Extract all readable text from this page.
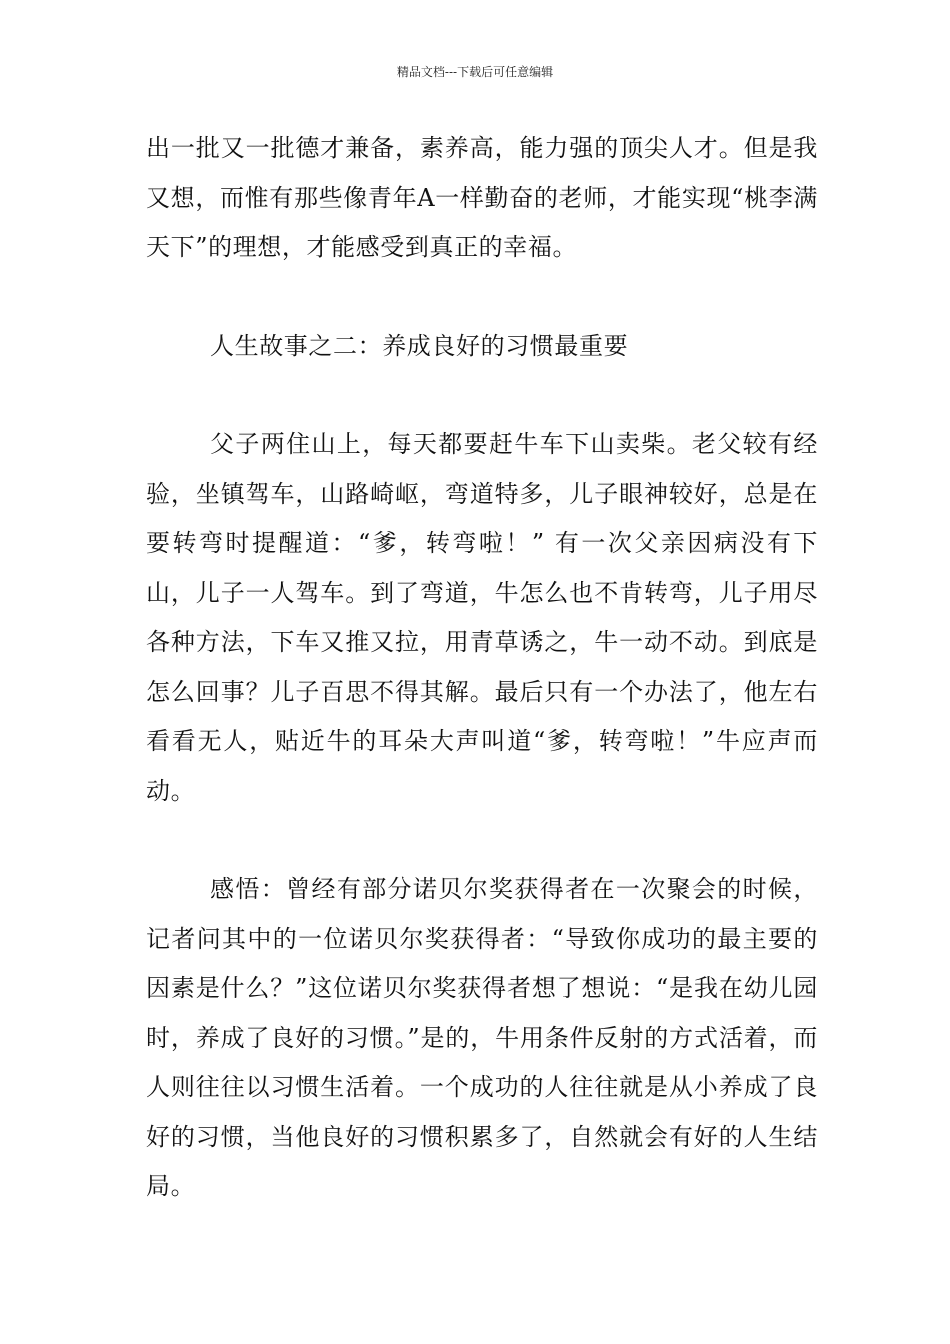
精品文档---下载后可任意编辑

出一批又一批德才兼备，素养高，能力强的顶尖人才。但是我又想，而惟有那些像青年A一样勤奋的老师，才能实现“桃李满天下”的理想，才能感受到真正的幸福。

人生故事之二：养成良好的习惯最重要

父子两住山上，每天都要赶牛车下山卖柴。老父较有经验，坐镇驾车，山路崎岖，弯道特多，儿子眼神较好，总是在要转弯时提醒道：“爹，转弯啦！” 有一次父亲因病没有下山，儿子一人驾车。到了弯道，牛怎么也不肯转弯，儿子用尽各种方法，下车又推又拉，用青草诱之，牛一动不动。到底是怎么回事？儿子百思不得其解。最后只有一个办法了，他左右看看无人，贴近牛的耳朵大声叫道“爹，转弯啦！”牛应声而动。

感悟：曾经有部分诺贝尔奖获得者在一次聚会的时候，记者问其中的一位诺贝尔奖获得者：“导致你成功的最主要的因素是什么？”这位诺贝尔奖获得者想了想说：“是我在幼儿园时，养成了良好的习惯。”是的，牛用条件反射的方式活着，而人则往往以习惯生活着。一个成功的人往往就是从小养成了良好的习惯，当他良好的习惯积累多了，自然就会有好的人生结局。
